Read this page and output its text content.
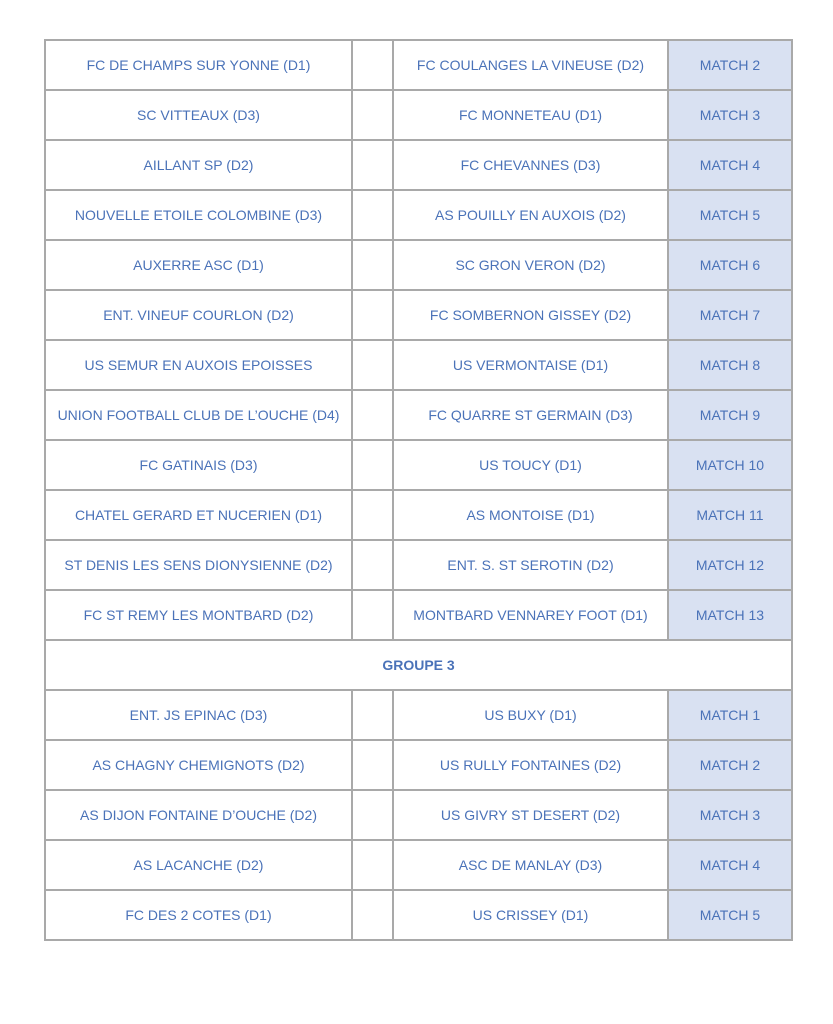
FC DE CHAMPS SUR YONNE (D1)		FC COULANGES LA VINEUSE (D2)	MATCH 2
SC VITTEAUX (D3)		FC MONNETEAU (D1)	MATCH 3
AILLANT SP (D2)		FC CHEVANNES (D3)	MATCH 4
NOUVELLE ETOILE COLOMBINE (D3)		AS POUILLY EN AUXOIS (D2)	MATCH 5
AUXERRE ASC (D1)		SC GRON VERON (D2)	MATCH 6
ENT. VINEUF COURLON (D2)		FC SOMBERNON GISSEY (D2)	MATCH 7
US SEMUR EN AUXOIS EPOISSES		US VERMONTAISE (D1)	MATCH 8
UNION FOOTBALL CLUB DE L’OUCHE (D4)		FC QUARRE ST GERMAIN (D3)	MATCH 9
FC GATINAIS (D3)		US TOUCY (D1)	MATCH 10
CHATEL GERARD ET NUCERIEN (D1)		AS MONTOISE (D1)	MATCH 11
ST DENIS LES SENS DIONYSIENNE (D2)		ENT. S. ST SEROTIN (D2)	MATCH 12
FC ST REMY LES MONTBARD (D2)		MONTBARD VENNAREY FOOT (D1)	MATCH 13
GROUPE 3			
ENT. JS EPINAC (D3)		US BUXY (D1)	MATCH 1
AS CHAGNY CHEMIGNOTS (D2)		US RULLY FONTAINES (D2)	MATCH 2
AS DIJON FONTAINE D’OUCHE (D2)		US GIVRY ST DESERT (D2)	MATCH 3
AS LACANCHE (D2)		ASC DE MANLAY (D3)	MATCH 4
FC DES 2 COTES (D1)		US CRISSEY (D1)	MATCH 5
